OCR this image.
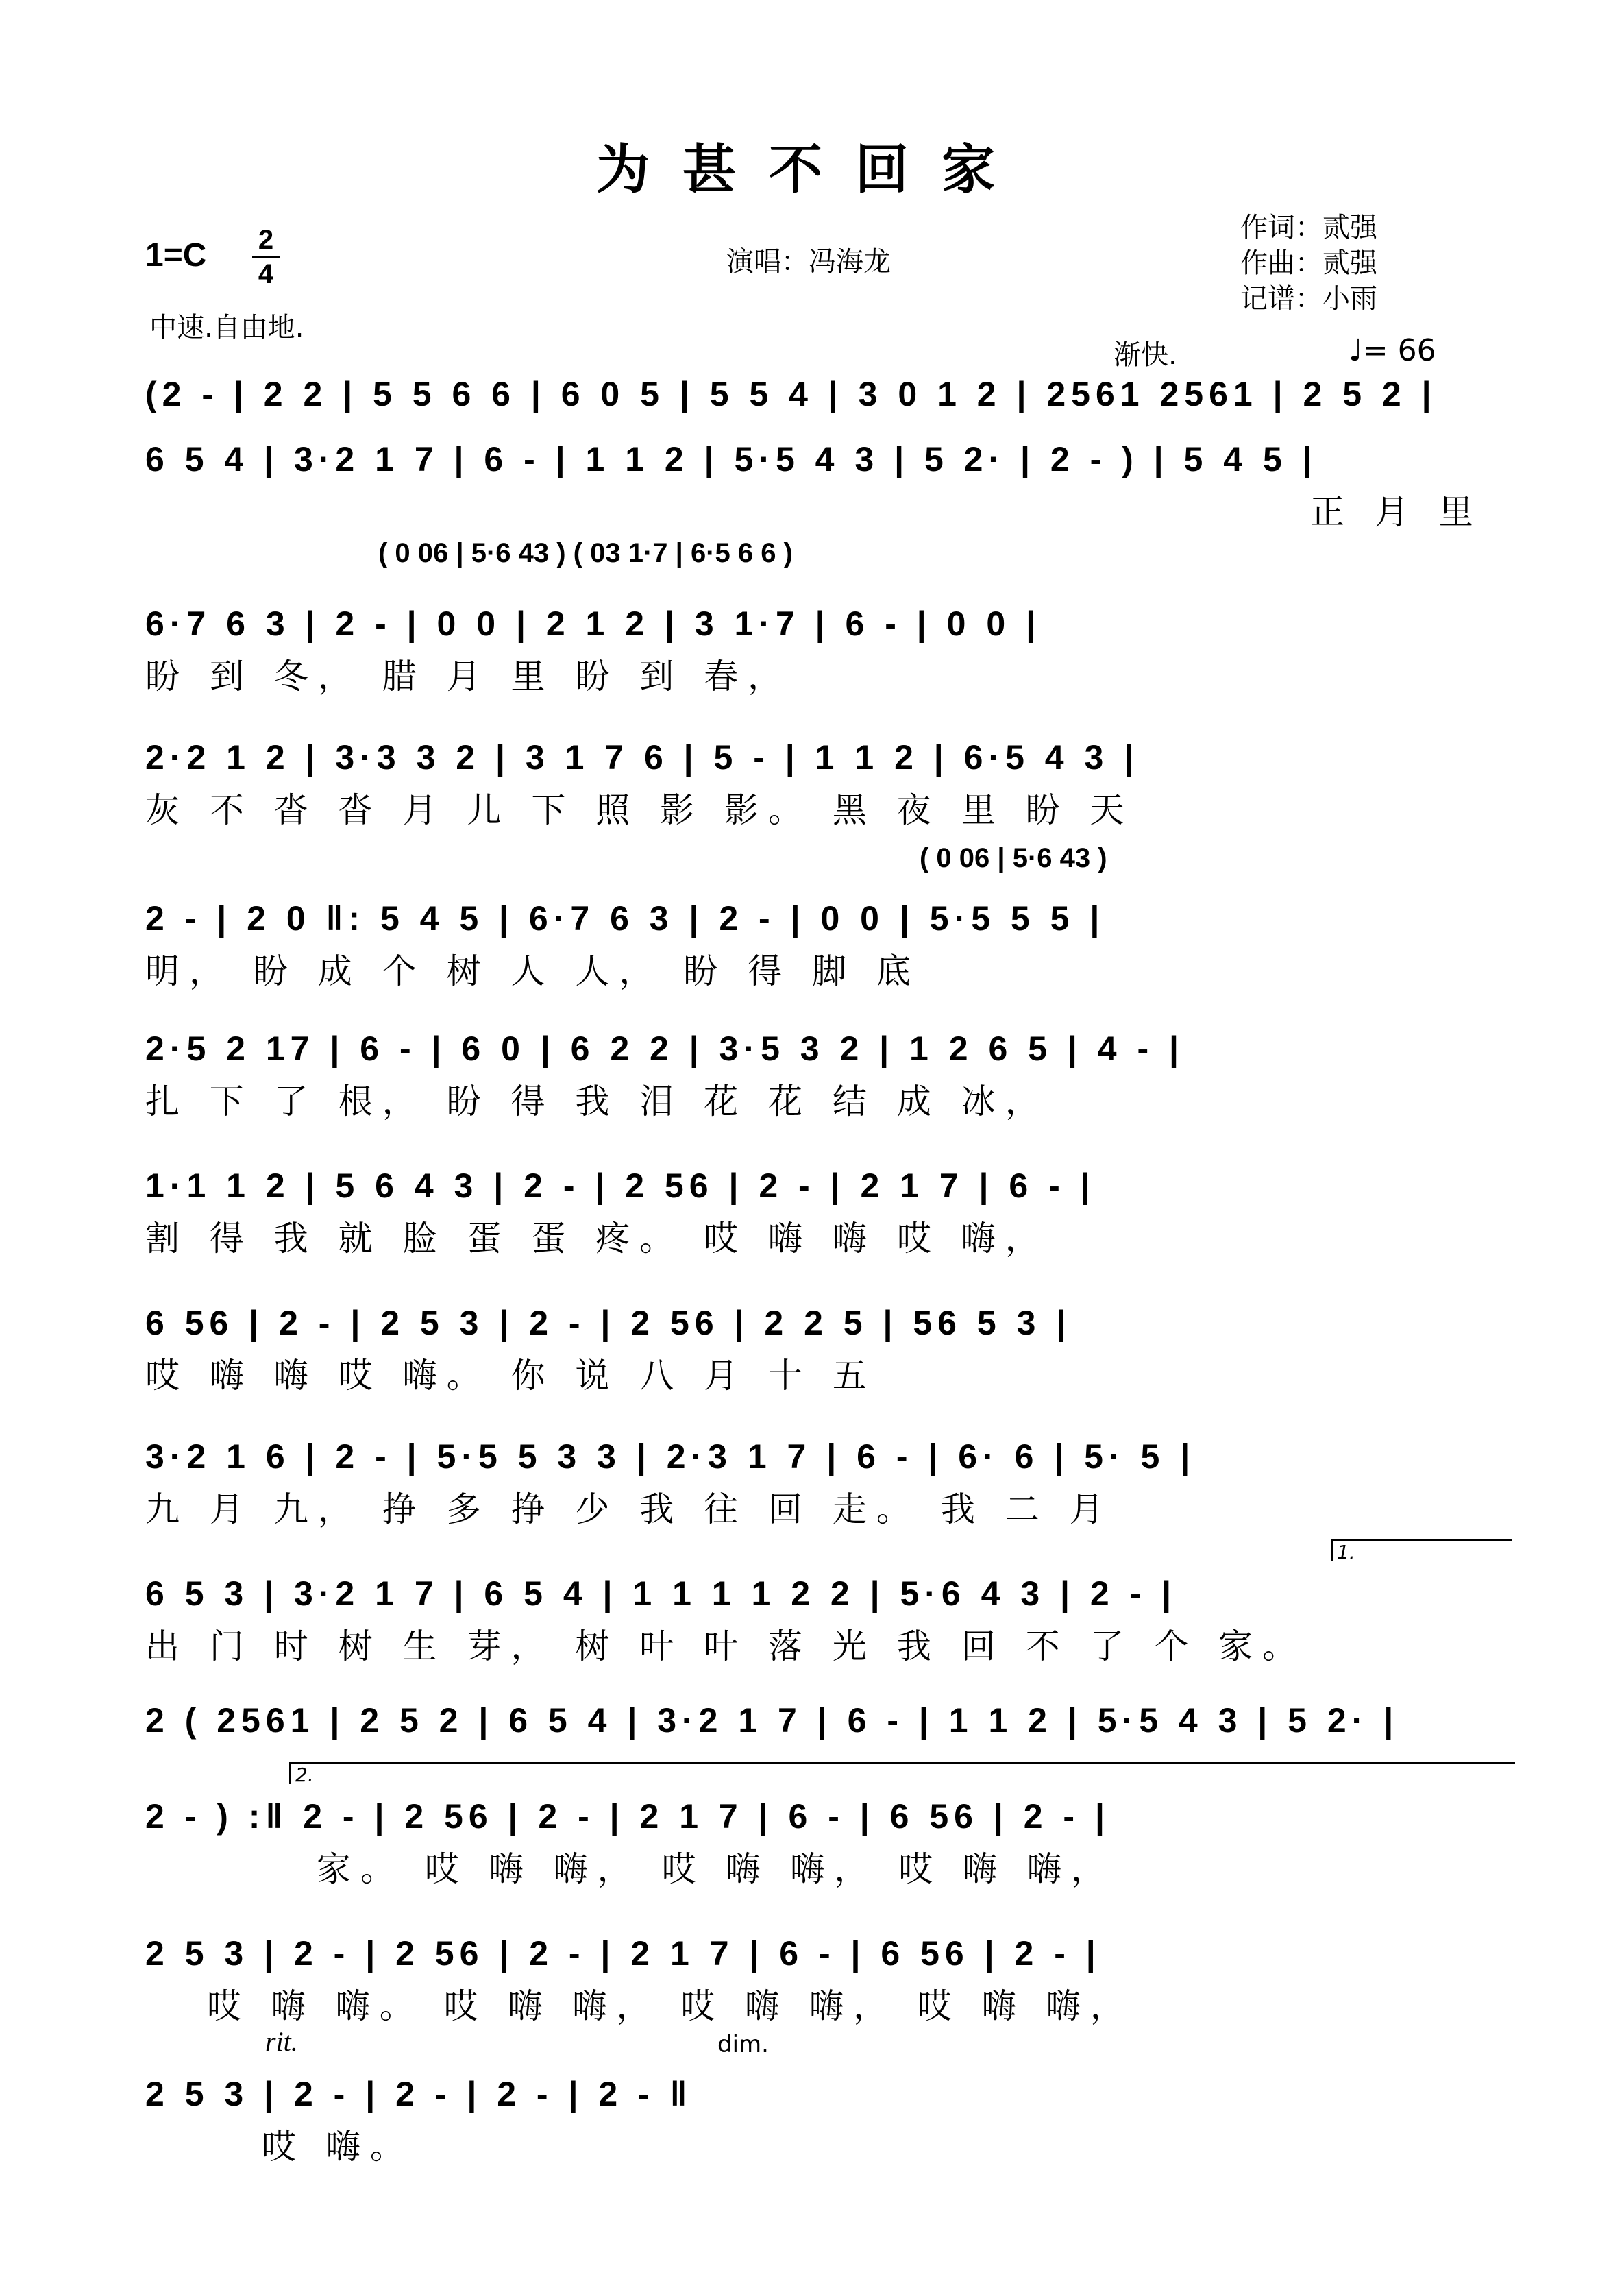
为甚不回家
1=C 2
4	演唱：冯海龙
作词：贰强
作曲：贰强
记谱：小雨
中速.自由地.
渐快.	♩= 66
(2 - | 2 2 | 5 5 6 6 | 6 0 5 | 5 5 4 | 3 0 1 2 | 2561 2561 | 2 5 2 |
6 5 4 | 3·2 1 7 | 6 - | 1 1 2 | 5·5 4 3 | 5 2· | 2 - ) | 5 4 5 |
正 月 里
( 0 06 | 5·6 43 ) ( 03 1·7 | 6·5 6 6 )
6·7 6 3 | 2 - | 0 0 | 2 1 2 | 3 1·7 | 6 - | 0 0 |
盼 到 冬， 腊 月 里 盼 到 春，
2·2 1 2 | 3·3 3 2 | 3 1 7 6 | 5 - | 1 1 2 | 6·5 4 3 |
灰 不 沓 沓 月 儿 下 照 影 影。 黑 夜 里 盼 天
( 0 06 | 5·6 43 )
2 - | 2 0 ‖: 5 4 5 | 6·7 6 3 | 2 - | 0 0 | 5·5 5 5 |
明， 盼 成 个 树 人 人， 盼 得 脚 底
2·5 2 17 | 6 - | 6 0 | 6 2 2 | 3·5 3 2 | 1 2 6 5 | 4 - |
扎 下 了 根， 盼 得 我 泪 花 花 结 成 冰，
1·1 1 2 | 5 6 4 3 | 2 - | 2 56 | 2 - | 2 1 7 | 6 - |
割 得 我 就 脸 蛋 蛋 疼。 哎 嗨 嗨 哎 嗨，
6 56 | 2 - | 2 5 3 | 2 - | 2 56 | 2 2 5 | 56 5 3 |
哎 嗨 嗨 哎 嗨。 你 说 八 月 十 五
3·2 1 6 | 2 - | 5·5 5 3 3 | 2·3 1 7 | 6 - | 6· 6 | 5· 5 |
九 月 九， 挣 多 挣 少 我 往 回 走。 我 二 月
1.
6 5 3 | 3·2 1 7 | 6 5 4 | 1 1 1 1 2 2 | 5·6 4 3 | 2 - |
出 门 时 树 生 芽， 树 叶 叶 落 光 我 回 不 了 个 家。
2 ( 2561 | 2 5 2 | 6 5 4 | 3·2 1 7 | 6 - | 1 1 2 | 5·5 4 3 | 5 2· |
2.
2 - ) :‖ 2 - | 2 56 | 2 - | 2 1 7 | 6 - | 6 56 | 2 - |
家。 哎 嗨 嗨， 哎 嗨 嗨， 哎 嗨 嗨，
2 5 3 | 2 - | 2 56 | 2 - | 2 1 7 | 6 - | 6 56 | 2 - |
哎 嗨 嗨。 哎 嗨 嗨， 哎 嗨 嗨， 哎 嗨 嗨，
rit.	dim.
2 5 3 | 2 - | 2 - | 2 - | 2 - ‖
哎 嗨。
